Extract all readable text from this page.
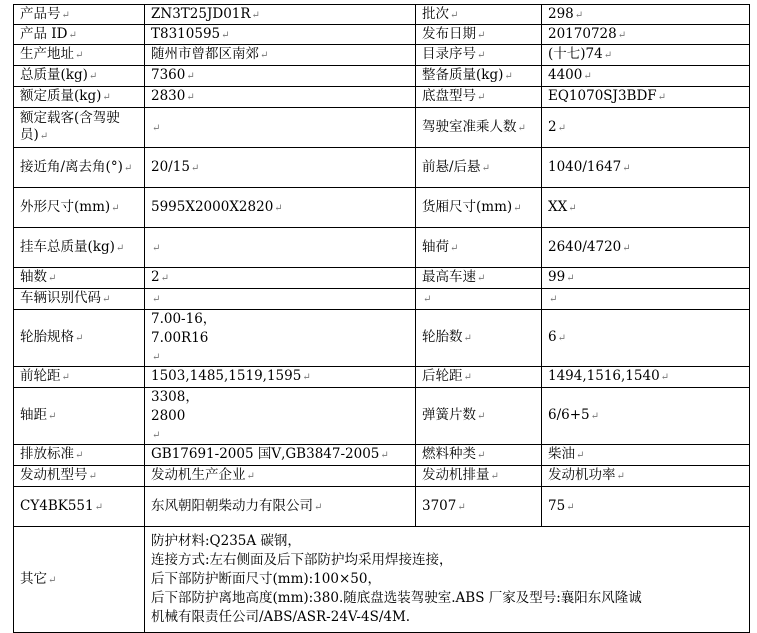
产品号↵	ZN3T25JD01R↵	批次↵	298↵
产品 ID↵	T8310595↵	发布日期↵	20170728↵
生产地址↵	随州市曾都区南郊↵	目录序号↵	(十七)74↵
总质量(kg)↵	7360↵	整备质量(kg)↵	4400↵
额定质量(kg)↵	2830↵	底盘型号↵	EQ1070SJ3BDF↵
额定载客(含驾驶员)↵	↵	驾驶室准乘人数↵	2↵
接近角/离去角(°)↵	20/15↵	前悬/后悬↵	1040/1647↵
外形尺寸(mm)↵	5995X2000X2820↵	货厢尺寸(mm)↵	XX↵
挂车总质量(kg)↵	↵	轴荷↵	2640/4720↵
轴数↵	2↵	最高车速↵	99↵
车辆识别代码↵	↵	↵	↵
轮胎规格↵	7.00-16，
7.00R16
↵	轮胎数↵	6↵
前轮距↵	1503,1485,1519,1595↵	后轮距↵	1494,1516,1540↵
轴距↵	3308，
2800
↵	弹簧片数↵	6/6+5↵
排放标准↵	GB17691-2005 国Ⅴ,GB3847-2005↵	燃料种类↵	柴油↵
发动机型号↵	发动机生产企业↵	发动机排量↵	发动机功率↵
CY4BK551↵	东风朝阳朝柴动力有限公司↵	3707↵	75↵
其它↵	防护材料:Q235A 碳钢，
连接方式:左右侧面及后下部防护均采用焊接连接，
后下部防护断面尺寸(mm):100×50，
后下部防护离地高度(mm):380.随底盘选装驾驶室.ABS 厂家及型号:襄阳东风隆诚
机械有限责任公司/ABS/ASR-24V-4S/4M.		
